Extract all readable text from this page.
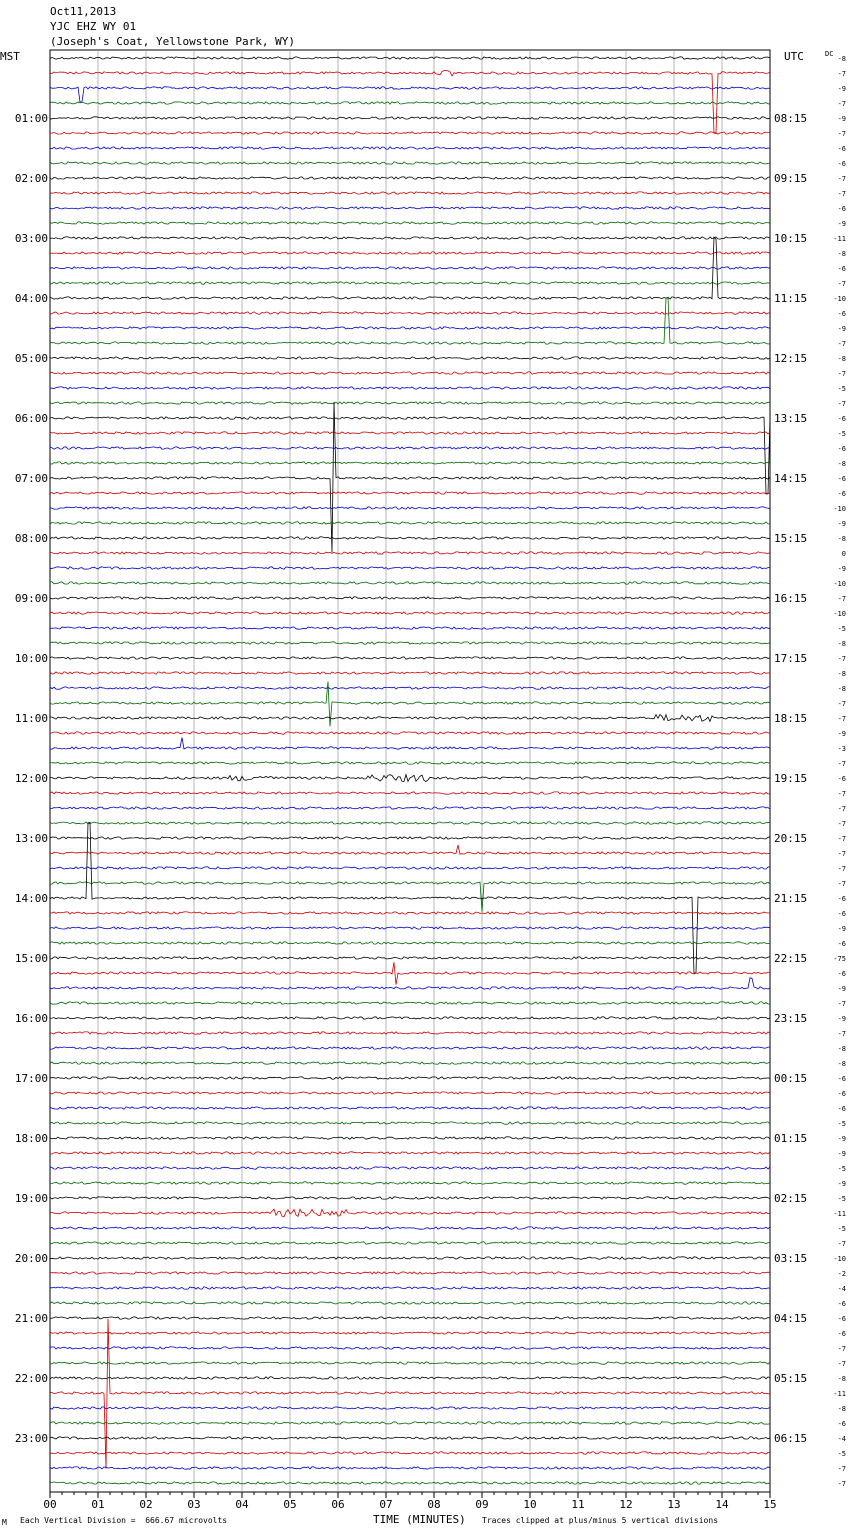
Oct11,2013
YJC EHZ WY 01
(Joseph's Coat, Yellowstone Park, WY)
MST	UTC	DC
-8
-7
-9
-7
-9
-7
-6
-6
-7
-7
-6
-9
-11
-8
-6
-7
-10
-6
-9
-7
-8
-7
-5
-7
-6
-5
-6
-8
-6
-6
-10
-9
-8
0
-9
-10
-7
-10
-5
-8
-7
-8
-8
-7
-7
-9
-3
-7
-6
-7
-7
-7
-7
-7
-7
-7
-6
-6
-9
-6
-75
-6
-9
-7
-9
-7
-8
-8
-6
-6
-6
-5
-9
-9
-5
-9
-5
-11
-5
-7
-10
-2
-4
-6
-6
-6
-7
-7
-8
-11
-8
-6
-4
-5
-7
-7
01:00
02:00
03:00
04:00
05:00
06:00
07:00
08:00
09:00
10:00
11:00
12:00
13:00
14:00
15:00
16:00
17:00
18:00
19:00
20:00
21:00
22:00
23:00
08:15
09:15
10:15
11:15
12:15
13:15
14:15
15:15
16:15
17:15
18:15
19:15
20:15
21:15
22:15
23:15
00:15
01:15
02:15
03:15
04:15
05:15
06:15
00	01	02	03	04	05	06	07	08	09	10	11	12	13	14	15
M Each Vertical Division =  666.67 microvolts	TIME (MINUTES) Traces clipped at plus/minus 5 vertical divisions
